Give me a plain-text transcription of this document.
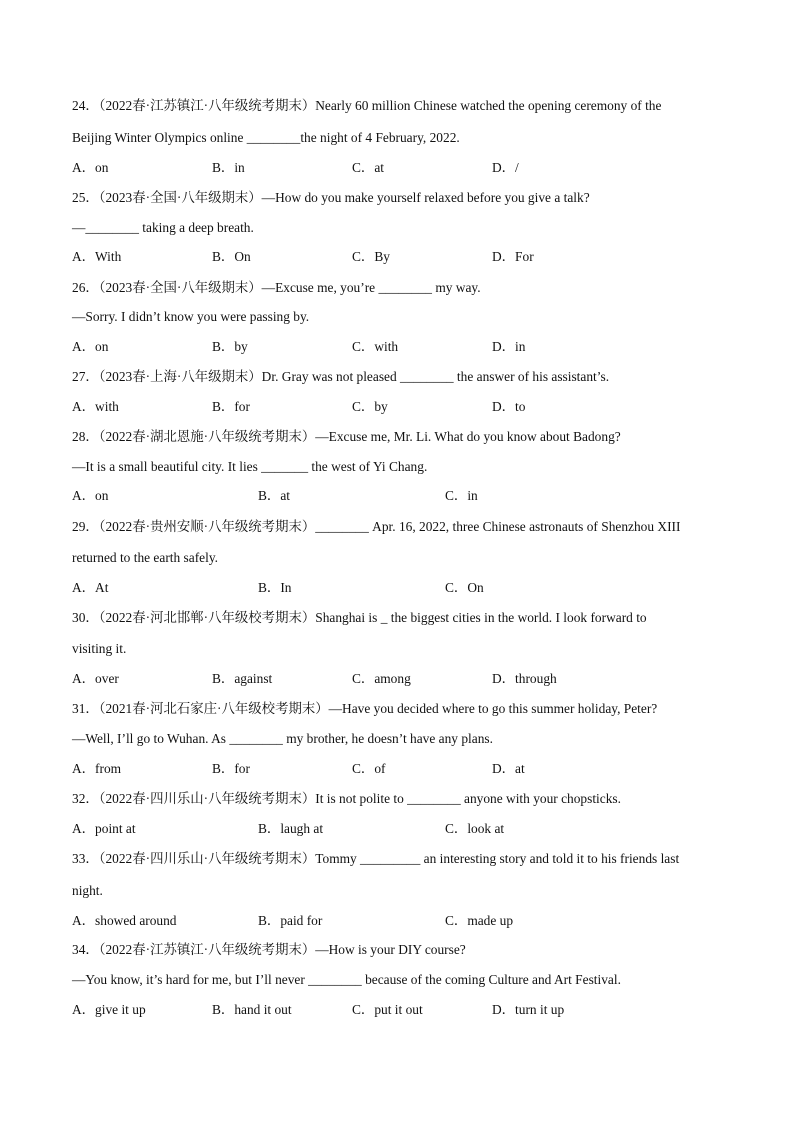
24．（2022春·江苏镇江·八年级统考期末）Nearly 60 million Chinese watched the opening ceremony of the
Beijing Winter Olympics online ________the night of 4 February, 2022.
A．on	B．in	C．at	D．/
25．（2023春·全国·八年级期末）—How do you make yourself relaxed before you give a talk?
—________ taking a deep breath.
A．With	B．On	C．By	D．For
26．（2023春·全国·八年级期末）—Excuse me, you’re ________ my way.
—Sorry. I didn’t know you were passing by.
A．on	B．by	C．with	D．in
27．（2023春·上海·八年级期末）Dr. Gray was not pleased ________ the answer of his assistant’s.
A．with	B．for	C．by	D．to
28．（2022春·湖北恩施·八年级统考期末）—Excuse me, Mr. Li. What do you know about Badong?
—It is a small beautiful city. It lies _______ the west of Yi Chang.
A．on	B．at	C．in
29．（2022春·贵州安顺·八年级统考期末）________ Apr. 16, 2022, three Chinese astronauts of Shenzhou XIII
returned to the earth safely.
A．At	B．In	C．On
30．（2022春·河北邯郸·八年级校考期末）Shanghai is _ the biggest cities in the world. I look forward to
visiting it.
A．over	B．against	C．among	D．through
31．（2021春·河北石家庄·八年级校考期末）—Have you decided where to go this summer holiday, Peter?
—Well, I’ll go to Wuhan. As ________ my brother, he doesn’t have any plans.
A．from	B．for	C．of	D．at
32．（2022春·四川乐山·八年级统考期末）It is not polite to ________ anyone with your chopsticks.
A．point at	B．laugh at	C．look at
33．（2022春·四川乐山·八年级统考期末）Tommy _________ an interesting story and told it to his friends last
night.
A．showed around	B．paid for	C．made up
34．（2022春·江苏镇江·八年级统考期末）—How is your DIY course?
—You know, it’s hard for me, but I’ll never ________ because of the coming Culture and Art Festival.
A．give it up	B．hand it out	C．put it out	D．turn it up
